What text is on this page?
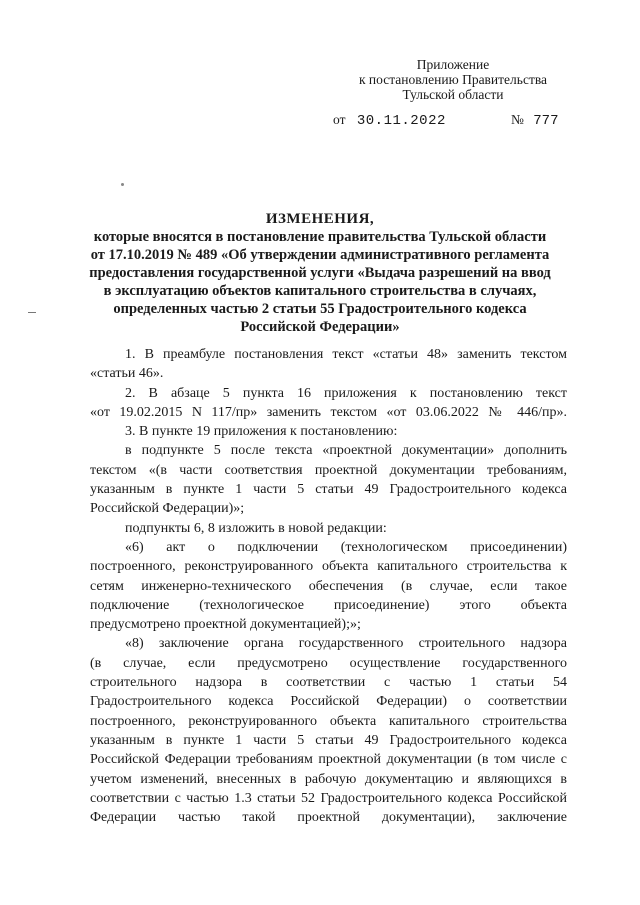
Приложение
к постановлению Правительства
Тульской области
от 30.11.2022	№ 777
ИЗМЕНЕНИЯ,
которые вносятся в постановление правительства Тульской области
от 17.10.2019 № 489 «Об утверждении административного регламента
предоставления государственной услуги «Выдача разрешений на ввод
в эксплуатацию объектов капитального строительства в случаях,
определенных частью 2 статьи 55 Градостроительного кодекса
Российской Федерации»
1. В преамбуле постановления текст «статьи 48» заменить текстом
«статьи 46».
2. В абзаце 5 пункта 16 приложения к постановлению текст
«от 19.02.2015 N 117/пр» заменить текстом «от 03.06.2022 № 446/пр».
3. В пункте 19 приложения к постановлению:
в подпункте 5 после текста «проектной документации» дополнить
текстом «(в части соответствия проектной документации требованиям,
указанным в пункте 1 части 5 статьи 49 Градостроительного кодекса
Российской Федерации)»;
подпункты 6, 8 изложить в новой редакции:
«6) акт о подключении (технологическом присоединении)
построенного, реконструированного объекта капитального строительства к
сетям инженерно-технического обеспечения (в случае, если такое
подключение (технологическое присоединение) этого объекта
предусмотрено проектной документацией);»;
«8) заключение органа государственного строительного надзора
(в случае, если предусмотрено осуществление государственного
строительного надзора в соответствии с частью 1 статьи 54
Градостроительного кодекса Российской Федерации) о соответствии
построенного, реконструированного объекта капитального строительства
указанным в пункте 1 части 5 статьи 49 Градостроительного кодекса
Российской Федерации требованиям проектной документации (в том числе с
учетом изменений, внесенных в рабочую документацию и являющихся в
соответствии с частью 1.3 статьи 52 Градостроительного кодекса Российской
Федерации частью такой проектной документации), заключение
